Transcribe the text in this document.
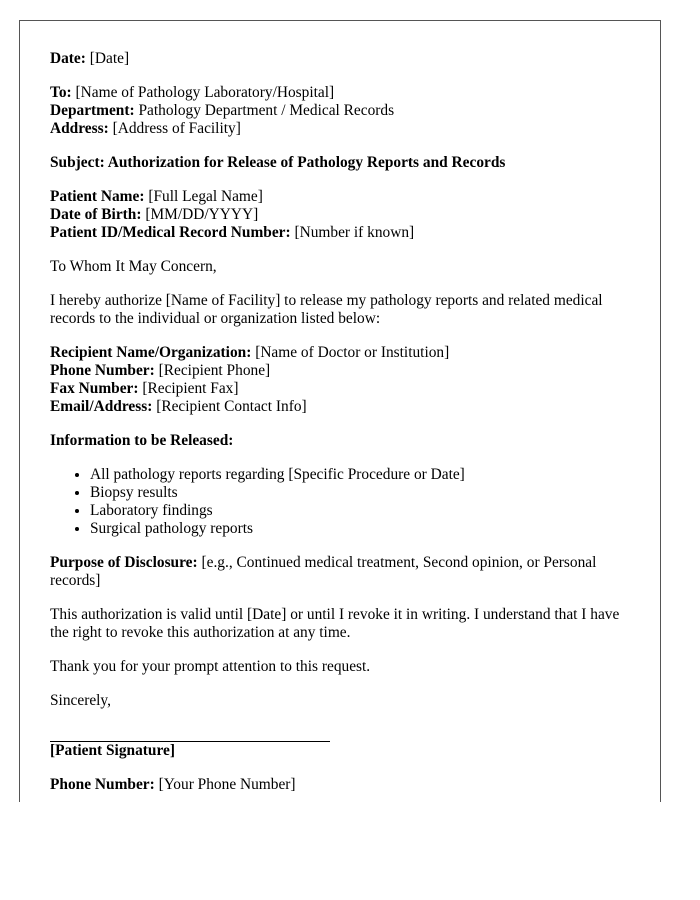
Date: [Date]

To: [Name of Pathology Laboratory/Hospital]

Department: Pathology Department / Medical Records

Address: [Address of Facility]

Subject: Authorization for Release of Pathology Reports and Records

Patient Name: [Full Legal Name]

Date of Birth: [MM/DD/YYYY]

Patient ID/Medical Record Number: [Number if known]

To Whom It May Concern,

I hereby authorize [Name of Facility] to release my pathology reports and related medical records to the individual or organization listed below:

Recipient Name/Organization: [Name of Doctor or Institution]

Phone Number: [Recipient Phone]

Fax Number: [Recipient Fax]

Email/Address: [Recipient Contact Info]

Information to be Released:

• All pathology reports regarding [Specific Procedure or Date]
• Biopsy results
• Laboratory findings
• Surgical pathology reports

Purpose of Disclosure: [e.g., Continued medical treatment, Second opinion, or Personal records]

This authorization is valid until [Date] or until I revoke it in writing. I understand that I have the right to revoke this authorization at any time.

Thank you for your prompt attention to this request.

Sincerely,

[Patient Signature]

Phone Number: [Your Phone Number]
